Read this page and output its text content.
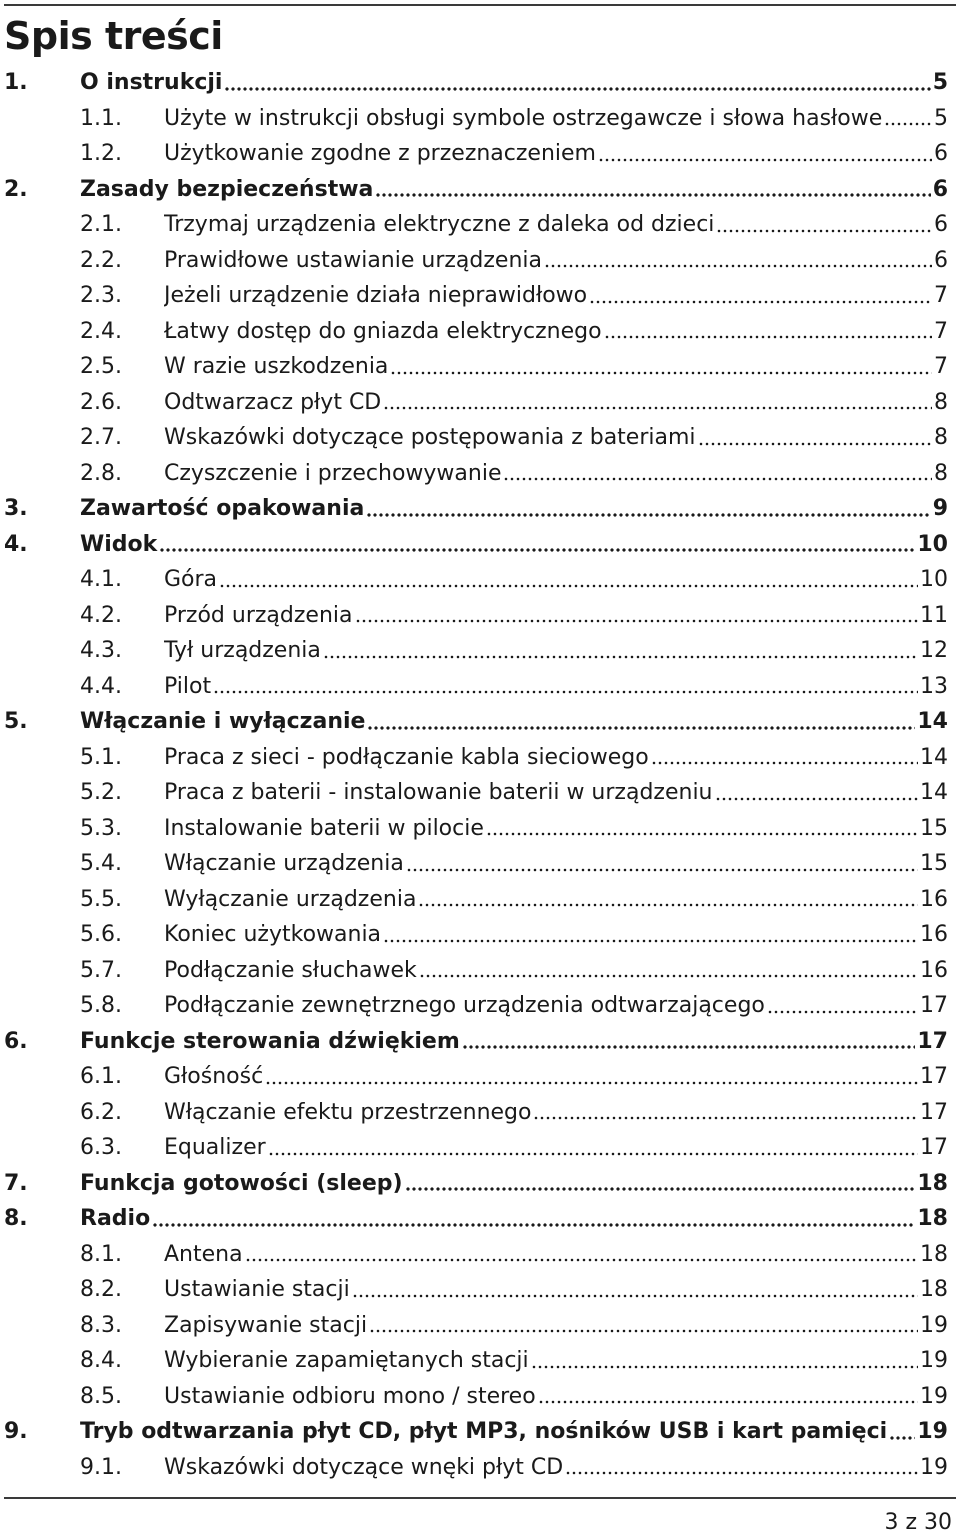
Spis treści
1. O instrukcji	5
1.1. Użyte w instrukcji obsługi symbole ostrzegawcze i słowa hasłowe 5
1.2. Użytkowanie zgodne z przeznaczeniem	6
2. Zasady bezpieczeństwa	6
2.1. Trzymaj urządzenia elektryczne z daleka od dzieci	6
2.2. Prawidłowe ustawianie urządzenia	6
2.3. Jeżeli urządzenie działa nieprawidłowo	7
2.4. Łatwy dostęp do gniazda elektrycznego	7
2.5. W razie uszkodzenia	7
2.6. Odtwarzacz płyt CD	8
2.7. Wskazówki dotyczące postępowania z bateriami	8
2.8. Czyszczenie i przechowywanie	8
3. Zawartość opakowania	9
4. Widok	10
4.1. Góra	10
4.2. Przód urządzenia	11
4.3. Tył urządzenia	12
4.4. Pilot	13
5. Włączanie i wyłączanie	14
5.1. Praca z sieci - podłączanie kabla sieciowego	14
5.2. Praca z baterii - instalowanie baterii w urządzeniu	14
5.3. Instalowanie baterii w pilocie	15
5.4. Włączanie urządzenia	15
5.5. Wyłączanie urządzenia	16
5.6. Koniec użytkowania	16
5.7. Podłączanie słuchawek	16
5.8. Podłączanie zewnętrznego urządzenia odtwarzającego	17
6. Funkcje sterowania dźwiękiem	17
6.1. Głośność	17
6.2. Włączanie efektu przestrzennego	17
6.3. Equalizer	17
7. Funkcja gotowości (sleep)	18
8. Radio	18
8.1. Antena	18
8.2. Ustawianie stacji	18
8.3. Zapisywanie stacji	19
8.4. Wybieranie zapamiętanych stacji	19
8.5. Ustawianie odbioru mono / stereo	19
9. Tryb odtwarzania płyt CD, płyt MP3, nośników USB i kart pamięci 19
9.1. Wskazówki dotyczące wnęki płyt CD	19
3 z 30
